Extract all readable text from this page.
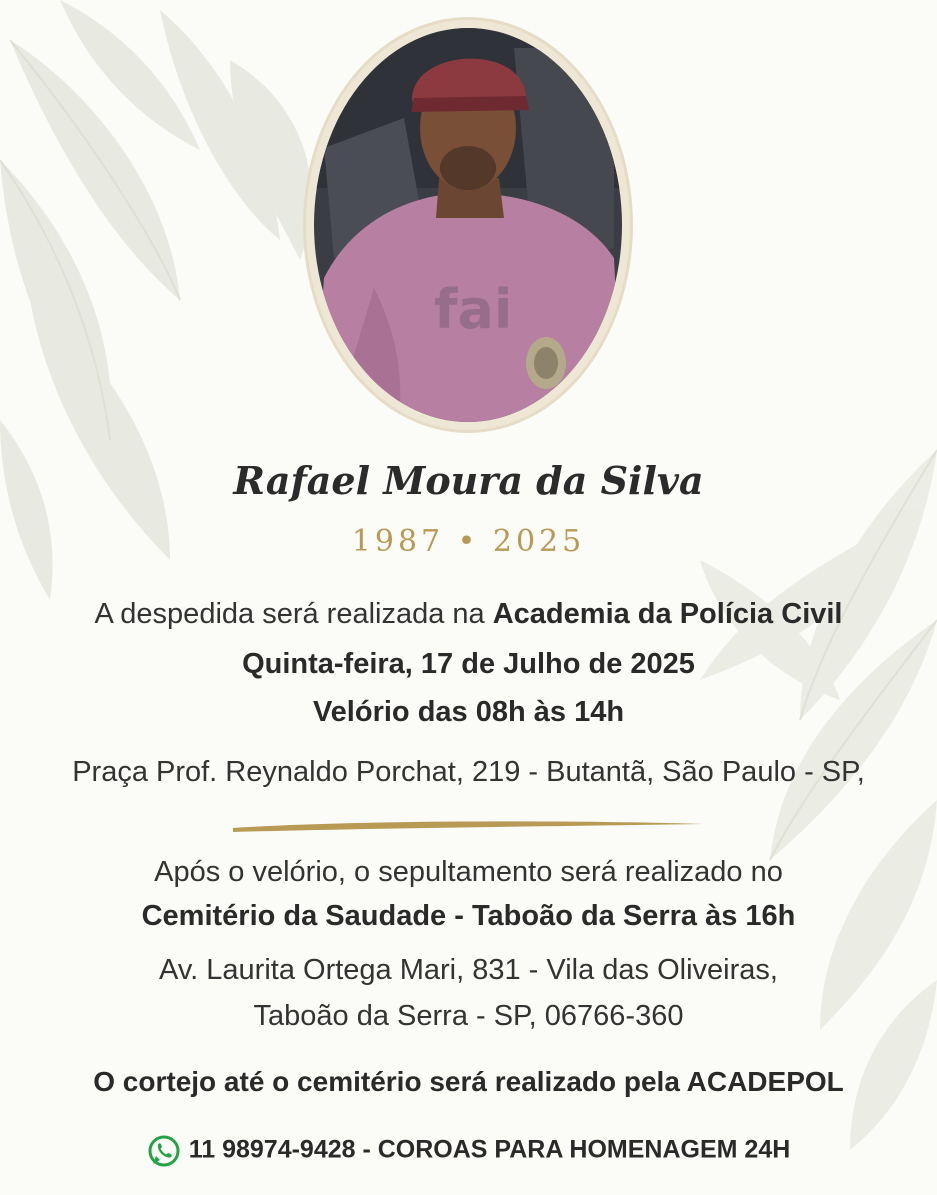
fai
Rafael Moura da Silva
1987 • 2025
A despedida será realizada na Academia da Polícia Civil
Quinta-feira, 17 de Julho de 2025
Velório das 08h às 14h
Praça Prof. Reynaldo Porchat, 219 - Butantã, São Paulo - SP,
Após o velório, o sepultamento será realizado no
Cemitério da Saudade - Taboão da Serra às 16h
Av. Laurita Ortega Mari, 831 - Vila das Oliveiras,
Taboão da Serra - SP, 06766-360
O cortejo até o cemitério será realizado pela ACADEPOL
11 98974-9428 - COROAS PARA HOMENAGEM 24H
